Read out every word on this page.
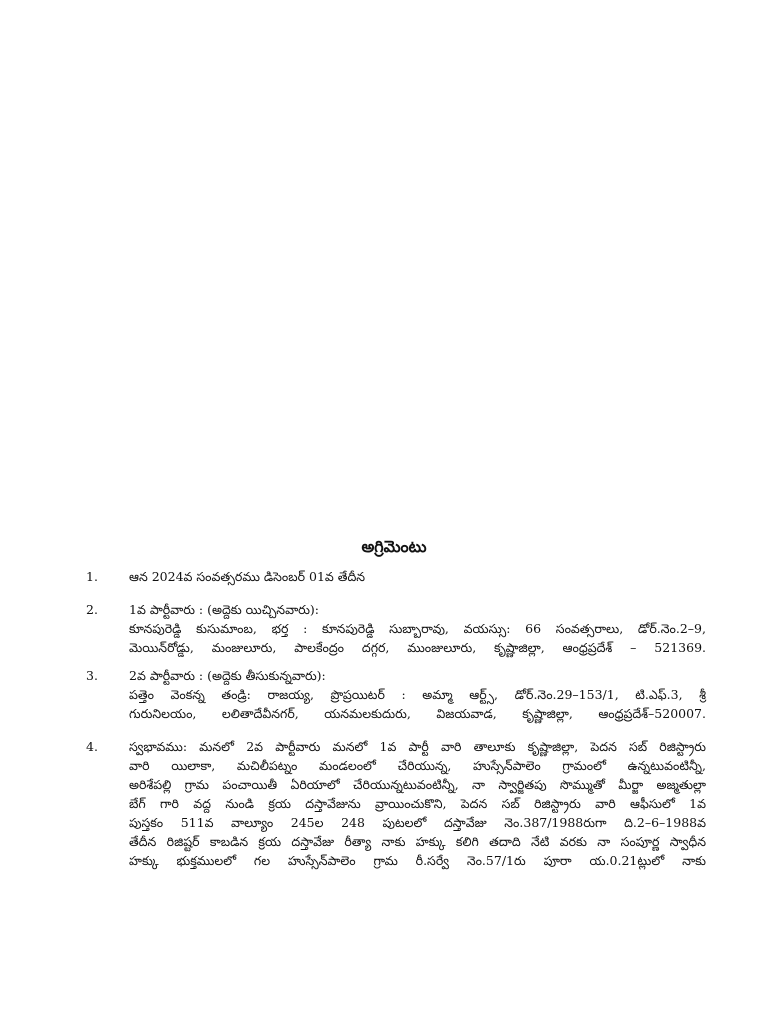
అగ్రిమెంటు
1.	ఆన 2024వ సంవత్సరము డిసెంబర్ 01వ తేదీన
2.	1వ పార్టీవారు : (అద్దెకు యిచ్చినవారు):
కూనపురెడ్డి కుసుమాంబ, భర్త : కూనపురెడ్డి సుబ్బారావు, వయస్సు: 66 సంవత్సరాలు, డోర్.నెం.2–9,
మెయిన్‌రోడ్డు, మంజులూరు, పాలకేంద్రం దగ్గర, ముంజులూరు, కృష్ణాజిల్లా, ఆంధ్రప్రదేశ్ – 521369.
3.	2వ పార్టీవారు : (అద్దెకు తీసుకున్నవారు):
పత్తెం వెంకన్న తండ్రి: రాజయ్య, ప్రొప్రయిటర్ : అమ్మా ఆర్ట్స్, డోర్.నెం.29–153/1, టి.ఎఫ్.3, శ్రీ
గురునిలయం, లలితాదేవీనగర్, యనమలకుదురు, విజయవాడ, కృష్ణాజిల్లా, ఆంధ్రప్రదేశ్–520007.
4.	స్వభావము: మనలో 2వ పార్టీవారు మనలో 1వ పార్టీ వారి తాలూకు కృష్ణాజిల్లా, పెదన సబ్ రిజిస్ట్రారు
వారి యిలాకా, మచిలీపట్నం మండలంలో చేరియున్న, హుస్సేన్‌పాలెం గ్రామంలో ఉన్నటువంటిన్నీ,
అరిశేపల్లి గ్రామ పంచాయితీ ఏరియాలో చేరియున్నటువంటిన్నీ, నా స్వార్జితపు సొమ్ముతో మీర్జా అజ్మతుల్లా
బేగ్ గారి వద్ద నుండి క్రయ దస్తావేజును వ్రాయించుకొని, పెదన సబ్ రిజిస్ట్రారు వారి ఆఫీసులో 1వ
పుస్తకం 511వ వాల్యూం 245ల 248 పుటలలో దస్తావేజు నెం.387/1988రుగా ది.2–6–1988వ
తేదీన రిజిష్టర్ కాబడిన క్రయ దస్తావేజు రీత్యా నాకు హక్కు కలిగి తదాది నేటి వరకు నా సంపూర్ణ స్వాధీన
హక్కు భుక్తములలో గల హుస్సేన్‌పాలెం గ్రామ రీ.సర్వే నెం.57/1రు పూరా య.0.21ట్లులో నాకు
